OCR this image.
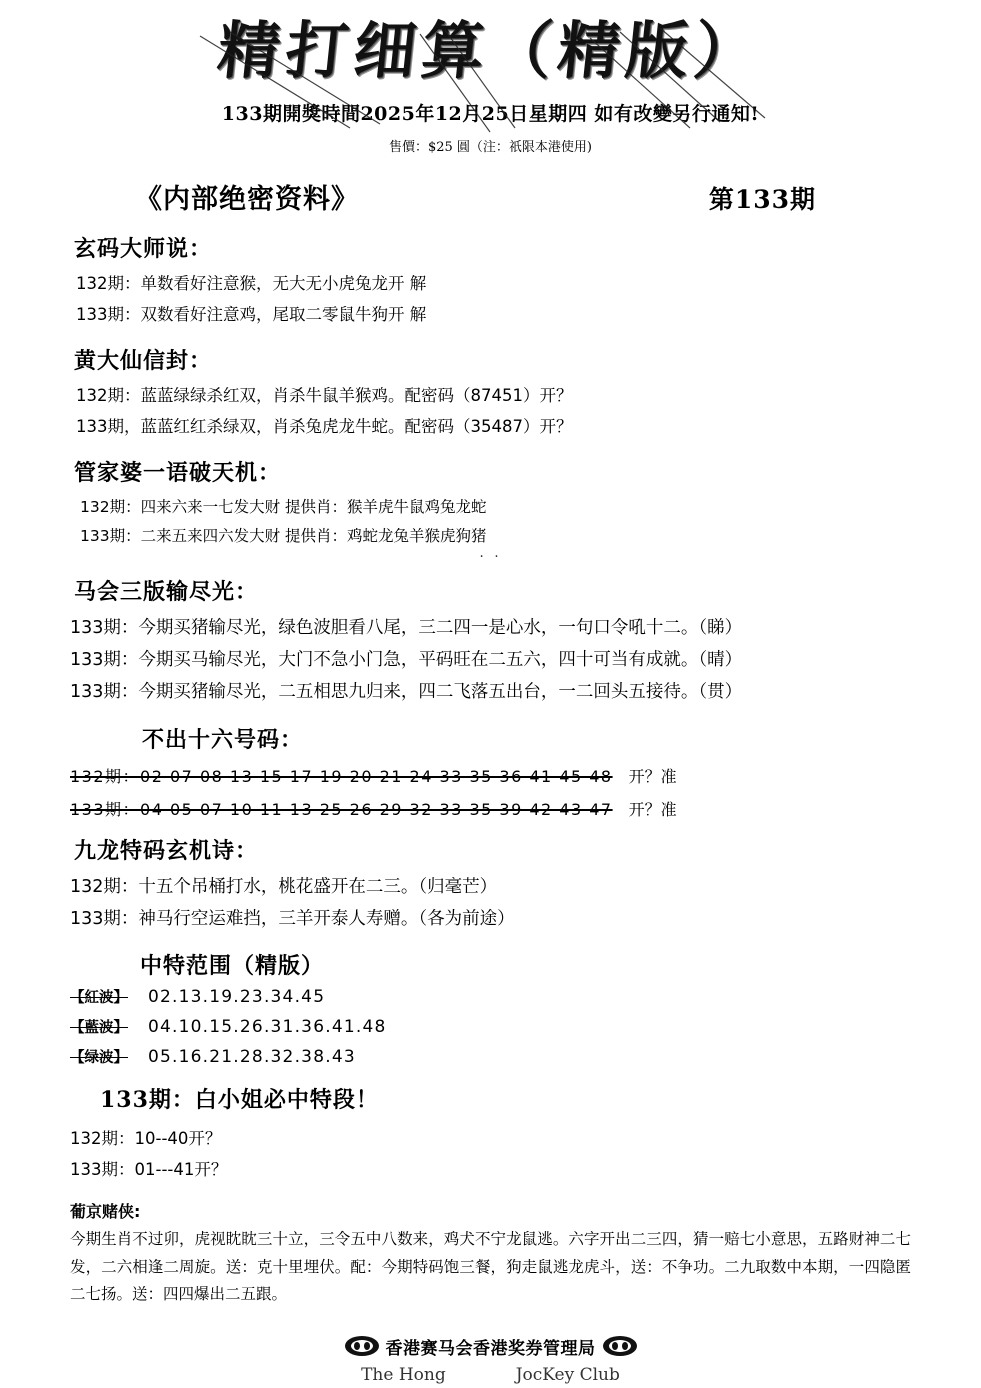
精打细算（精版）
133期開獎時間2025年12月25日星期四 如有改變另行通知!
售價：$25 圓（注：祇限本港使用)
《内部绝密资料》	第133期
玄码大师说：
132期：单数看好注意猴，无大无小虎兔龙开 解
133期：双数看好注意鸡，尾取二零鼠牛狗开 解
黄大仙信封：
132期：蓝蓝绿绿杀红双，肖杀牛鼠羊猴鸡。配密码（87451）开？
133期，蓝蓝红红杀绿双，肖杀兔虎龙牛蛇。配密码（35487）开？
管家婆一语破天机：
132期：四来六来一七发大财 提供肖：猴羊虎牛鼠鸡兔龙蛇
133期：二来五来四六发大财 提供肖：鸡蛇龙兔羊猴虎狗猪
. .
马会三版输尽光：
133期：今期买猪输尽光，绿色波胆看八尾，三二四一是心水，一句口令吼十二。（睇）
133期：今期买马输尽光，大门不急小门急，平码旺在二五六，四十可当有成就。（晴）
133期：今期买猪输尽光，二五相思九归来，四二飞落五出台，一二回头五接待。（贯）
不出十六号码：
132期：02 07 08 13 15 17 19 20 21 24 33 35 36 41 45 48 开？准
133期：04 05 07 10 11 13 25 26 29 32 33 35 39 42 43 47 开？准
九龙特码玄机诗：
132期：十五个吊桶打水，桃花盛开在二三。（归毫芒）
133期：神马行空运难挡，三羊开泰人寿赠。（各为前途）
中特范围（精版）
【紅波】	02.13.19.23.34.45
【藍波】	04.10.15.26.31.36.41.48
【绿波】	05.16.21.28.32.38.43
133期：白小姐必中特段！
132期：10--40开？
133期：01---41开？
葡京赌侠:
今期生肖不过卯，虎视眈眈三十立，三令五中八数来，鸡犬不宁龙鼠逃。六字开出二三四，猜一赔七小意思，五路财神二七发，二六相逢二周旋。送：克十里埋伏。配：今期特码饱三餐，狗走鼠逃龙虎斗，送：不争功。二九取数中本期，一四隐匿二七扬。送：四四爆出二五跟。
香港赛马会香港奖券管理局
The Hong	JocKey Club
